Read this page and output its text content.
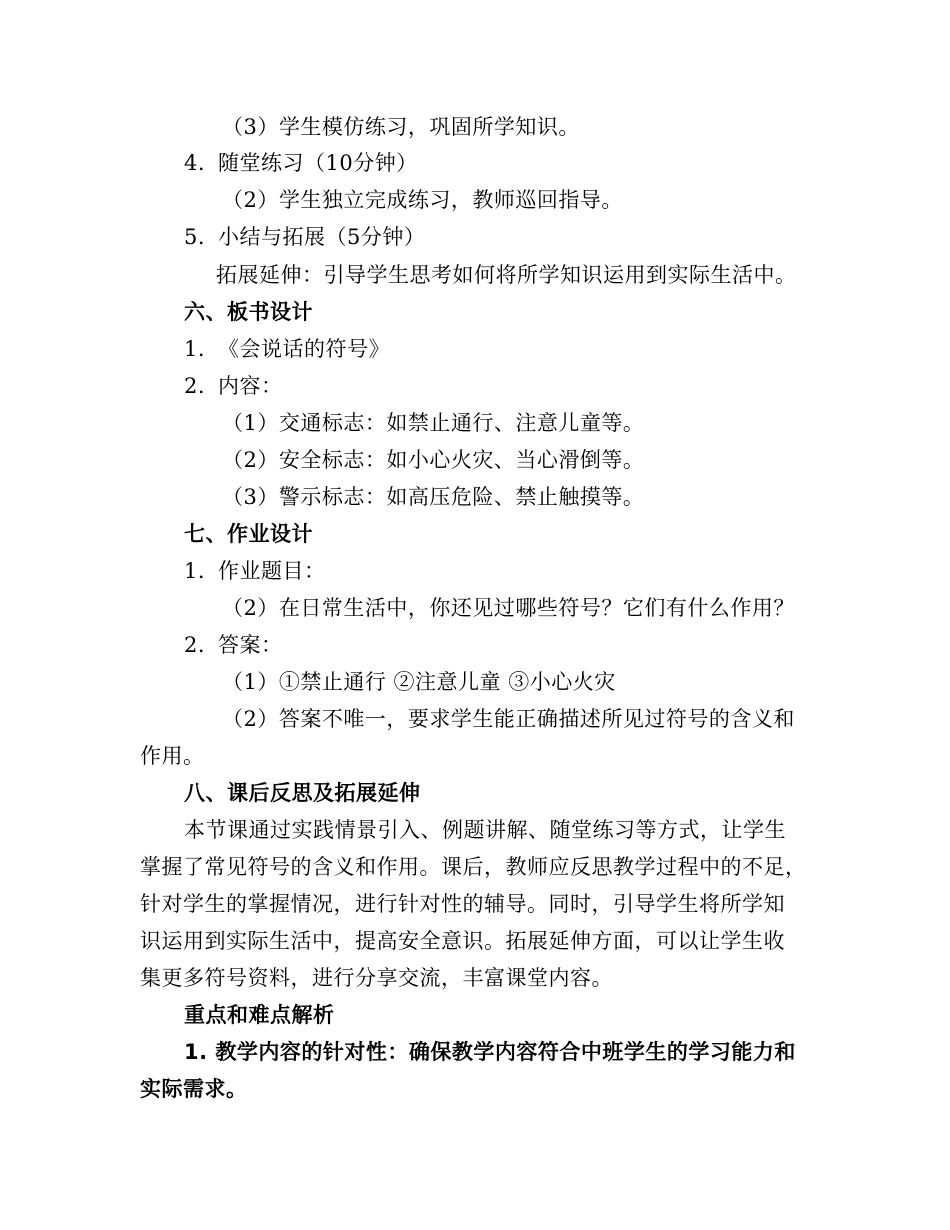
（3）学生模仿练习，巩固所学知识。
4. 随堂练习（10分钟）
（2）学生独立完成练习，教师巡回指导。
5. 小结与拓展（5分钟）
拓展延伸：引导学生思考如何将所学知识运用到实际生活中。
六、板书设计
1. 《会说话的符号》
2. 内容：
（1）交通标志：如禁止通行、注意儿童等。
（2）安全标志：如小心火灾、当心滑倒等。
（3）警示标志：如高压危险、禁止触摸等。
七、作业设计
1. 作业题目：
（2）在日常生活中，你还见过哪些符号？它们有什么作用？
2. 答案：
（1）①禁止通行 ②注意儿童 ③小心火灾
（2）答案不唯一，要求学生能正确描述所见过符号的含义和
作用。
八、课后反思及拓展延伸
本节课通过实践情景引入、例题讲解、随堂练习等方式，让学生
掌握了常见符号的含义和作用。课后，教师应反思教学过程中的不足，
针对学生的掌握情况，进行针对性的辅导。同时，引导学生将所学知
识运用到实际生活中，提高安全意识。拓展延伸方面，可以让学生收
集更多符号资料，进行分享交流，丰富课堂内容。
重点和难点解析
1. 教学内容的针对性：确保教学内容符合中班学生的学习能力和
实际需求。
